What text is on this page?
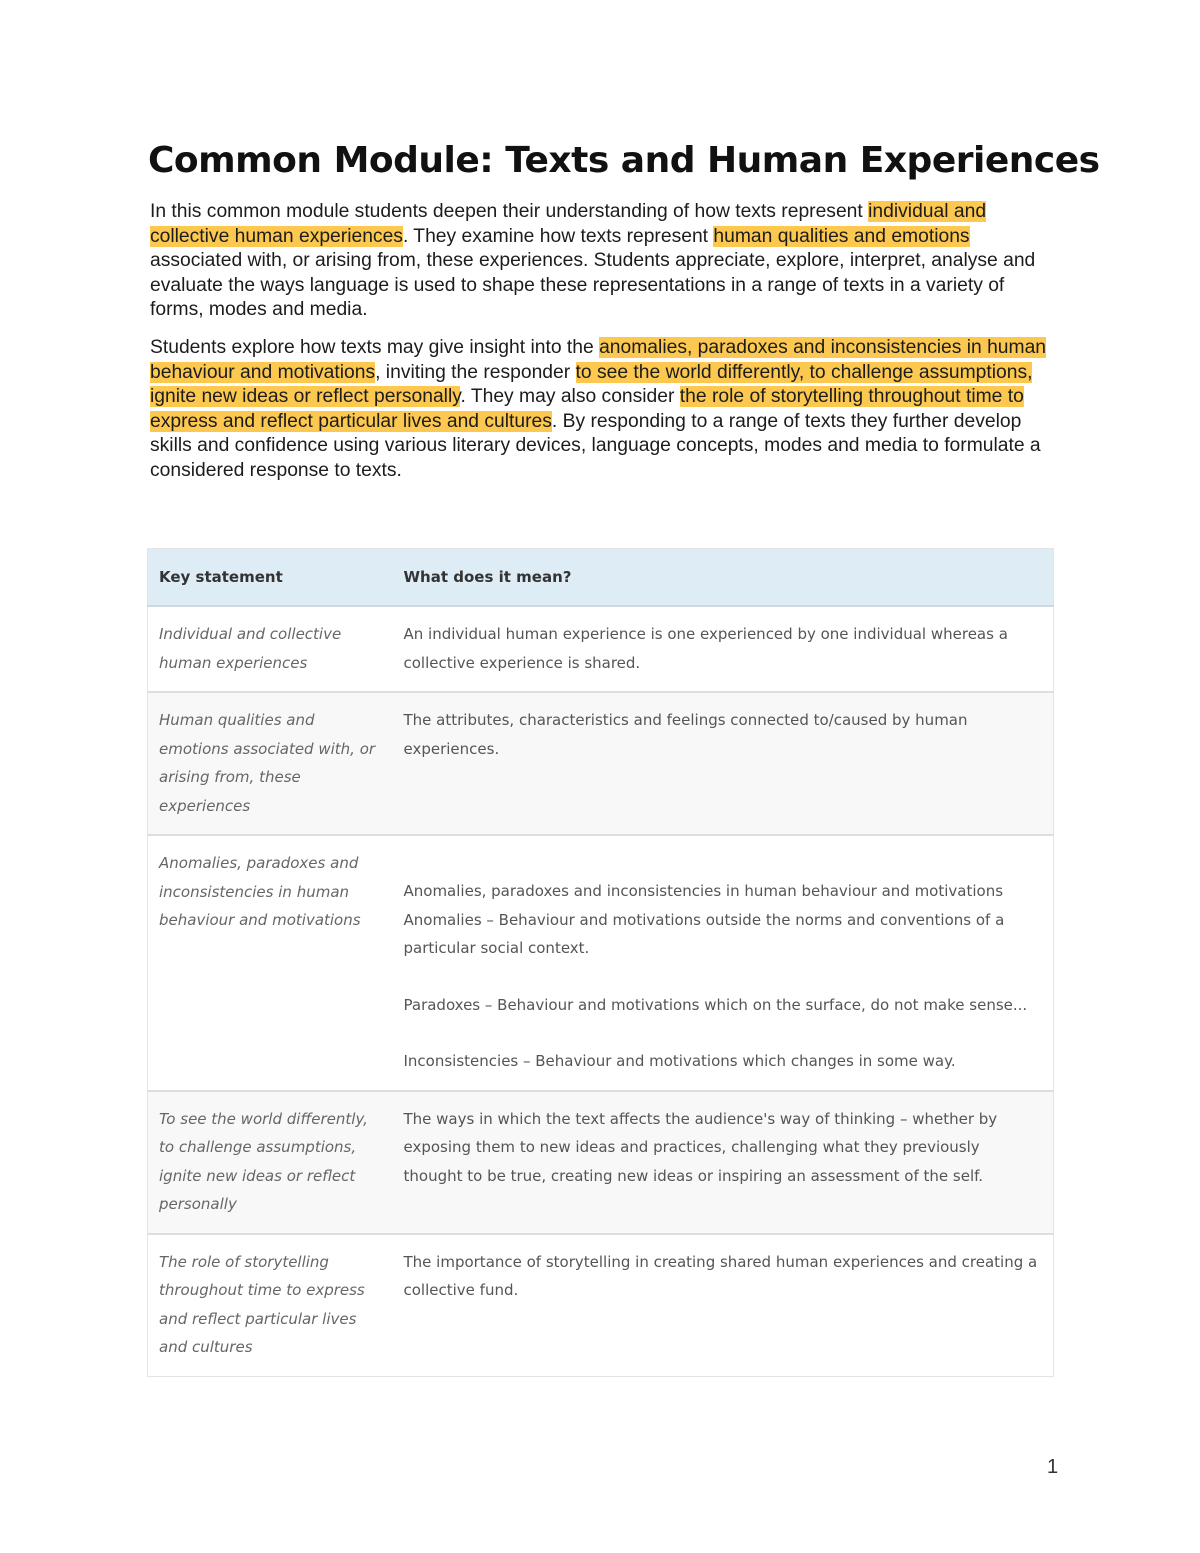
Common Module: Texts and Human Experiences

In this common module students deepen their understanding of how texts represent individual and collective human experiences. They examine how texts represent human qualities and emotions associated with, or arising from, these experiences. Students appreciate, explore, interpret, analyse and evaluate the ways language is used to shape these representations in a range of texts in a variety of forms, modes and media.

Students explore how texts may give insight into the anomalies, paradoxes and inconsistencies in human behaviour and motivations, inviting the responder to see the world differently, to challenge assumptions, ignite new ideas or reflect personally. They may also consider the role of storytelling throughout time to express and reflect particular lives and cultures. By responding to a range of texts they further develop skills and confidence using various literary devices, language concepts, modes and media to formulate a considered response to texts.

Key statement	What does it mean?
Individual and collective human experiences	An individual human experience is one experienced by one individual whereas a collective experience is shared.

Human qualities and emotions associated with, or arising from, these experiences	The attributes, characteristics and feelings connected to/caused by human experiences.

Anomalies, paradoxes and inconsistencies in human behaviour and motivations	Anomalies, paradoxes and inconsistencies in human behaviour and motivations
Anomalies – Behaviour and motivations outside the norms and conventions of a particular social context.
Paradoxes – Behaviour and motivations which on the surface, do not make sense...
Inconsistencies – Behaviour and motivations which changes in some way.

To see the world differently, to challenge assumptions, ignite new ideas or reflect personally	The ways in which the text affects the audience's way of thinking – whether by exposing them to new ideas and practices, challenging what they previously thought to be true, creating new ideas or inspiring an assessment of the self.

The role of storytelling throughout time to express and reflect particular lives and cultures	The importance of storytelling in creating shared human experiences and creating a collective fund.
1
